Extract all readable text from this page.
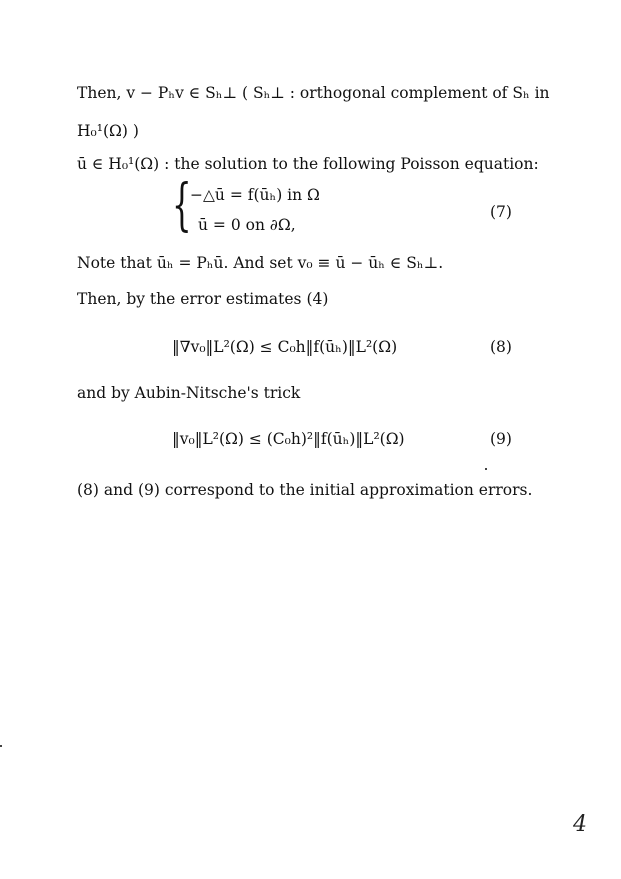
Then, v − Pₕv ∈ Sₕ⊥ ( Sₕ⊥ : orthogonal complement of Sₕ in
H₀¹(Ω) )
ū ∈ H₀¹(Ω) : the solution to the following Poisson equation:
{
−△ū = f(ūₕ) in Ω
ū = 0 on ∂Ω,
(7)
Note that ūₕ = Pₕū. And set v₀ ≡ ū − ūₕ ∈ Sₕ⊥.
Then, by the error estimates (4)
‖∇v₀‖L²(Ω) ≤ C₀h‖f(ūₕ)‖L²(Ω)	(8)
and by Aubin-Nitsche's trick
‖v₀‖L²(Ω) ≤ (C₀h)²‖f(ūₕ)‖L²(Ω)	(9)
(8) and (9) correspond to the initial approximation errors.
4
